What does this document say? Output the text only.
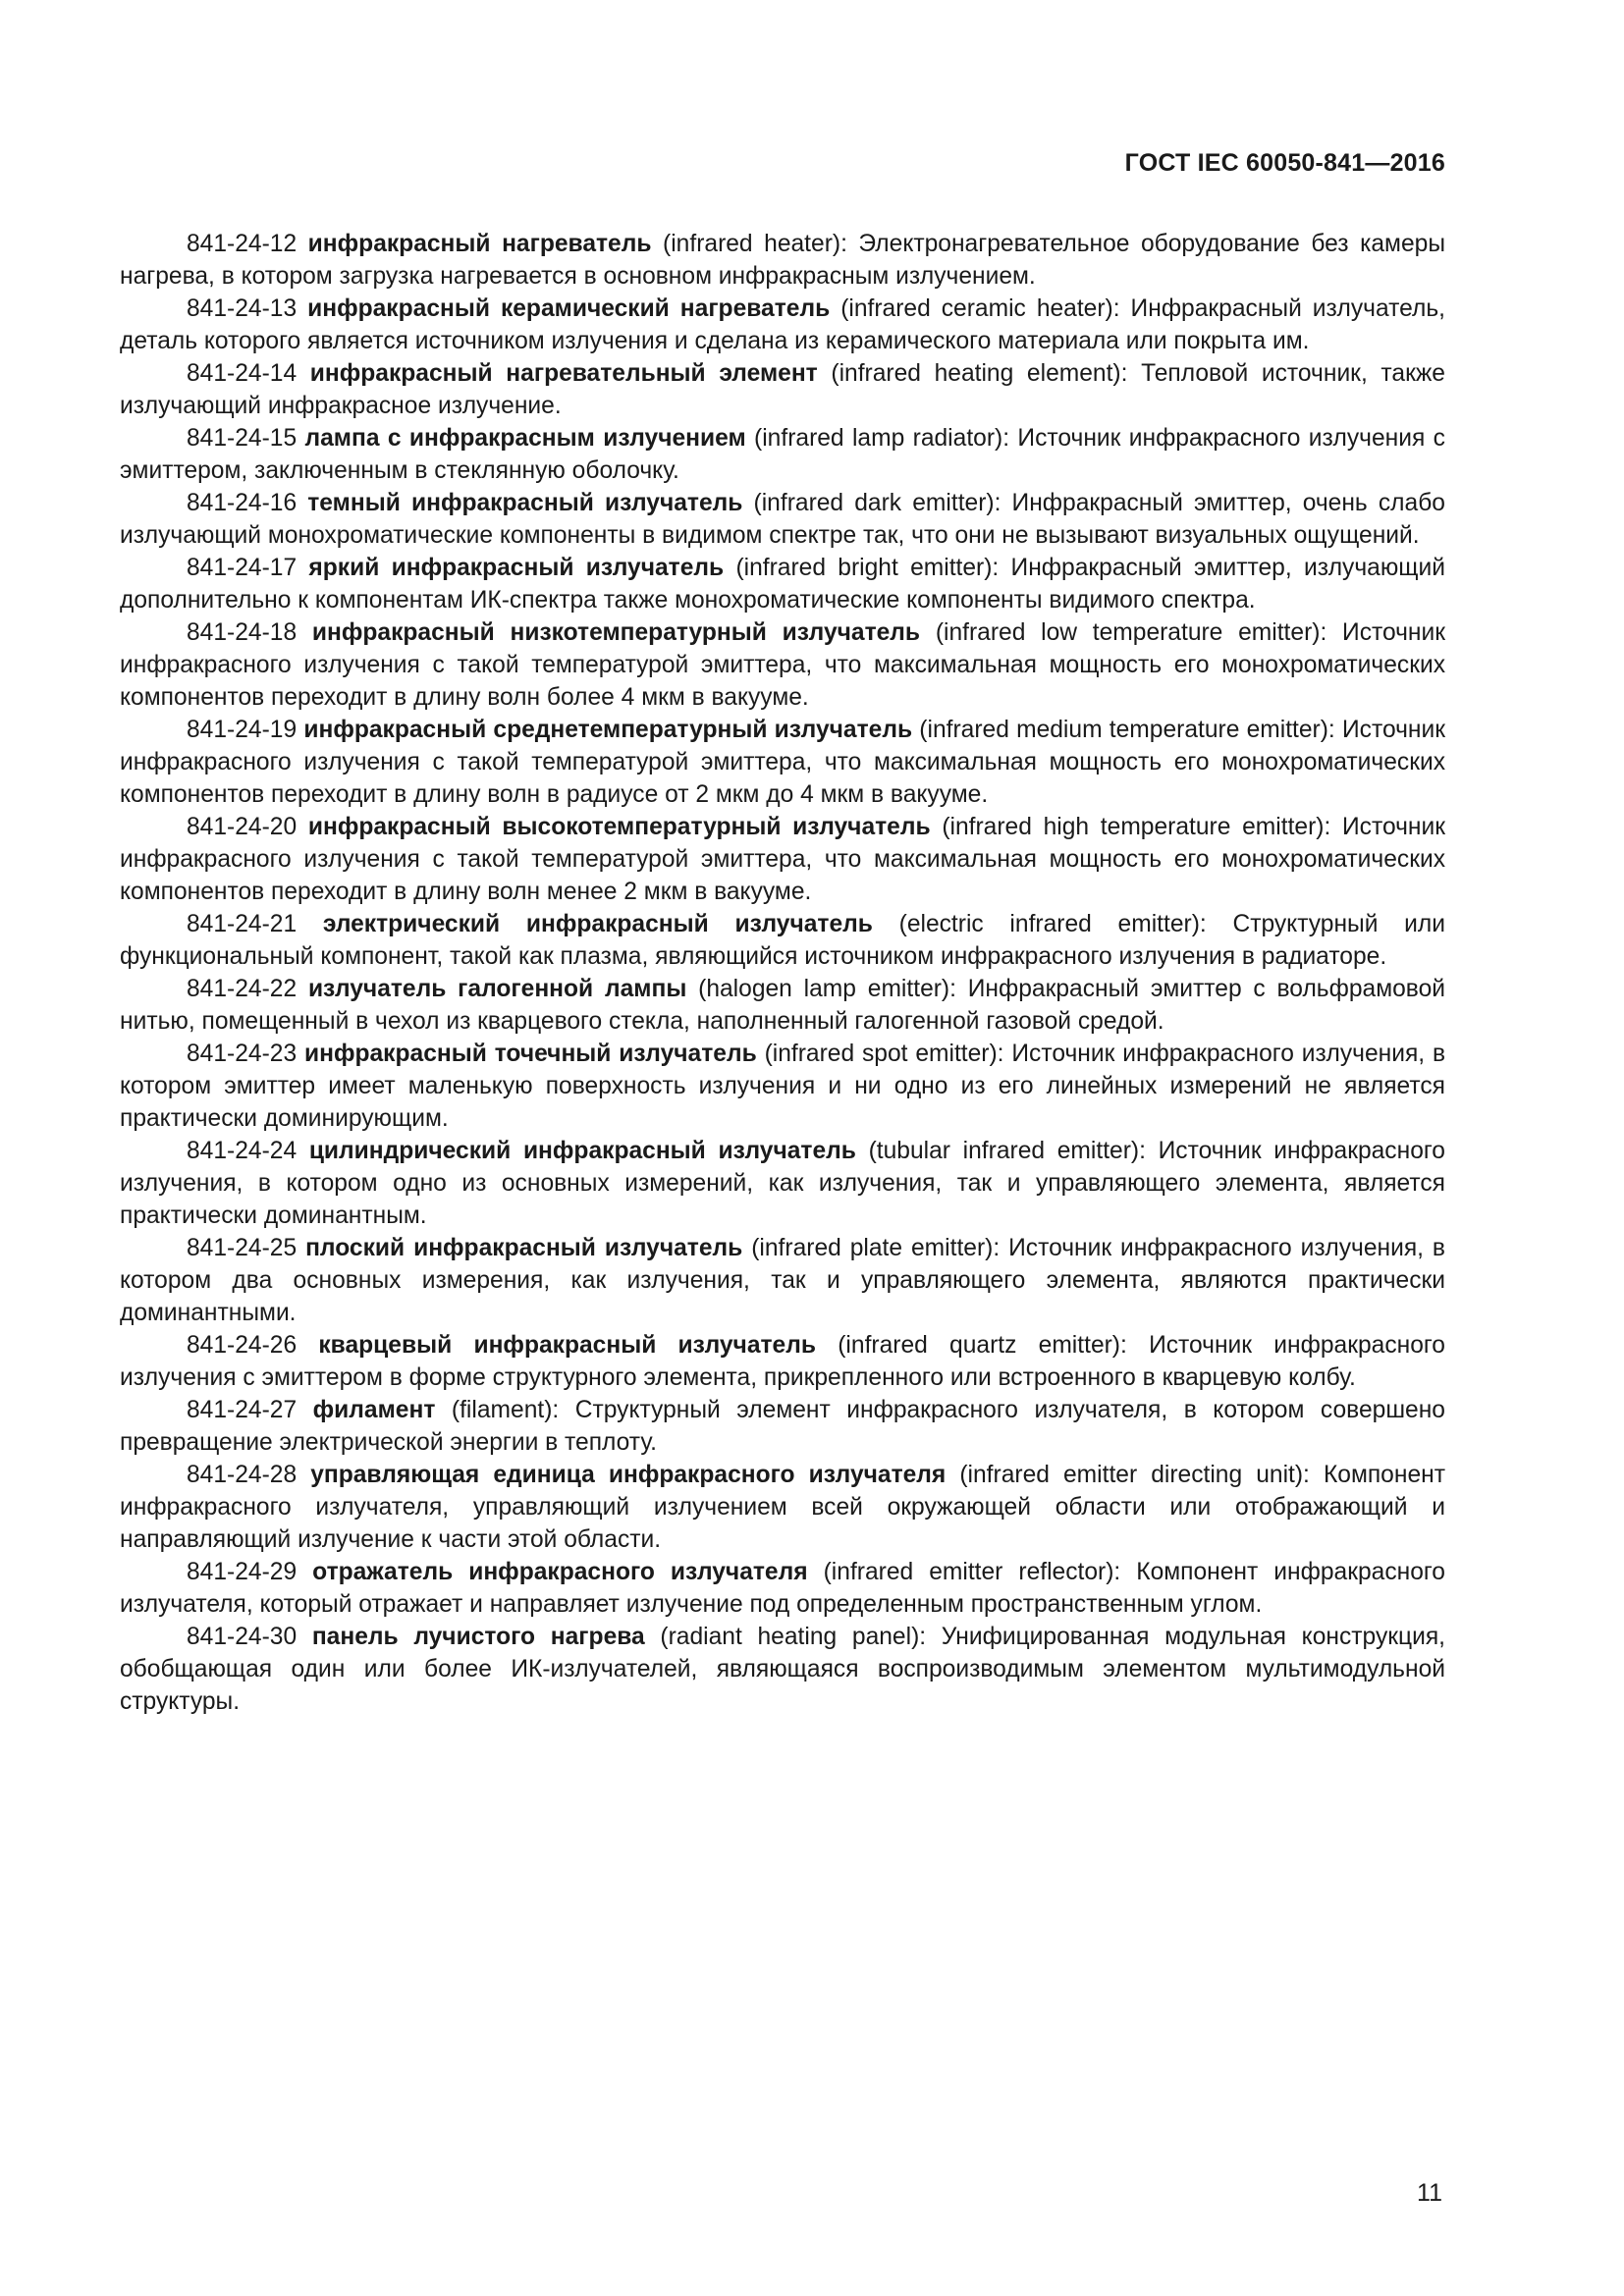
ГОСТ IEC 60050-841—2016

841-24-12 инфракрасный нагреватель (infrared heater): Электронагревательное оборудование без камеры нагрева, в котором загрузка нагревается в основном инфракрасным излучением.

841-24-13 инфракрасный керамический нагреватель (infrared ceramic heater): Инфракрасный излучатель, деталь которого является источником излучения и сделана из керамического материала или покрыта им.

841-24-14 инфракрасный нагревательный элемент (infrared heating element): Тепловой источник, также излучающий инфракрасное излучение.

841-24-15 лампа с инфракрасным излучением (infrared lamp radiator): Источник инфракрасного излучения с эмиттером, заключенным в стеклянную оболочку.

841-24-16 темный инфракрасный излучатель (infrared dark emitter): Инфракрасный эмиттер, очень слабо излучающий монохроматические компоненты в видимом спектре так, что они не вызывают визуальных ощущений.

841-24-17 яркий инфракрасный излучатель (infrared bright emitter): Инфракрасный эмиттер, излучающий дополнительно к компонентам ИК-спектра также монохроматические компоненты видимого спектра.

841-24-18 инфракрасный низкотемпературный излучатель (infrared low temperature emitter): Источник инфракрасного излучения с такой температурой эмиттера, что максимальная мощность его монохроматических компонентов переходит в длину волн более 4 мкм в вакууме.

841-24-19 инфракрасный среднетемпературный излучатель (infrared medium temperature emitter): Источник инфракрасного излучения с такой температурой эмиттера, что максимальная мощность его монохроматических компонентов переходит в длину волн в радиусе от 2 мкм до 4 мкм в вакууме.

841-24-20 инфракрасный высокотемпературный излучатель (infrared high temperature emitter): Источник инфракрасного излучения с такой температурой эмиттера, что максимальная мощность его монохроматических компонентов переходит в длину волн менее 2 мкм в вакууме.

841-24-21 электрический инфракрасный излучатель (electric infrared emitter): Структурный или функциональный компонент, такой как плазма, являющийся источником инфракрасного излучения в радиаторе.

841-24-22 излучатель галогенной лампы (halogen lamp emitter): Инфракрасный эмиттер с вольфрамовой нитью, помещенный в чехол из кварцевого стекла, наполненный галогенной газовой средой.

841-24-23 инфракрасный точечный излучатель (infrared spot emitter): Источник инфракрасного излучения, в котором эмиттер имеет маленькую поверхность излучения и ни одно из его линейных измерений не является практически доминирующим.

841-24-24 цилиндрический инфракрасный излучатель (tubular infrared emitter): Источник инфракрасного излучения, в котором одно из основных измерений, как излучения, так и управляющего элемента, является практически доминантным.

841-24-25 плоский инфракрасный излучатель (infrared plate emitter): Источник инфракрасного излучения, в котором два основных измерения, как излучения, так и управляющего элемента, являются практически доминантными.

841-24-26 кварцевый инфракрасный излучатель (infrared quartz emitter): Источник инфракрасного излучения с эмиттером в форме структурного элемента, прикрепленного или встроенного в кварцевую колбу.

841-24-27 филамент (filament): Структурный элемент инфракрасного излучателя, в котором совершено превращение электрической энергии в теплоту.

841-24-28 управляющая единица инфракрасного излучателя (infrared emitter directing unit): Компонент инфракрасного излучателя, управляющий излучением всей окружающей области или отображающий и направляющий излучение к части этой области.

841-24-29 отражатель инфракрасного излучателя (infrared emitter reflector): Компонент инфракрасного излучателя, который отражает и направляет излучение под определенным пространственным углом.

841-24-30 панель лучистого нагрева (radiant heating panel): Унифицированная модульная конструкция, обобщающая один или более ИК-излучателей, являющаяся воспроизводимым элементом мультимодульной структуры.

11
